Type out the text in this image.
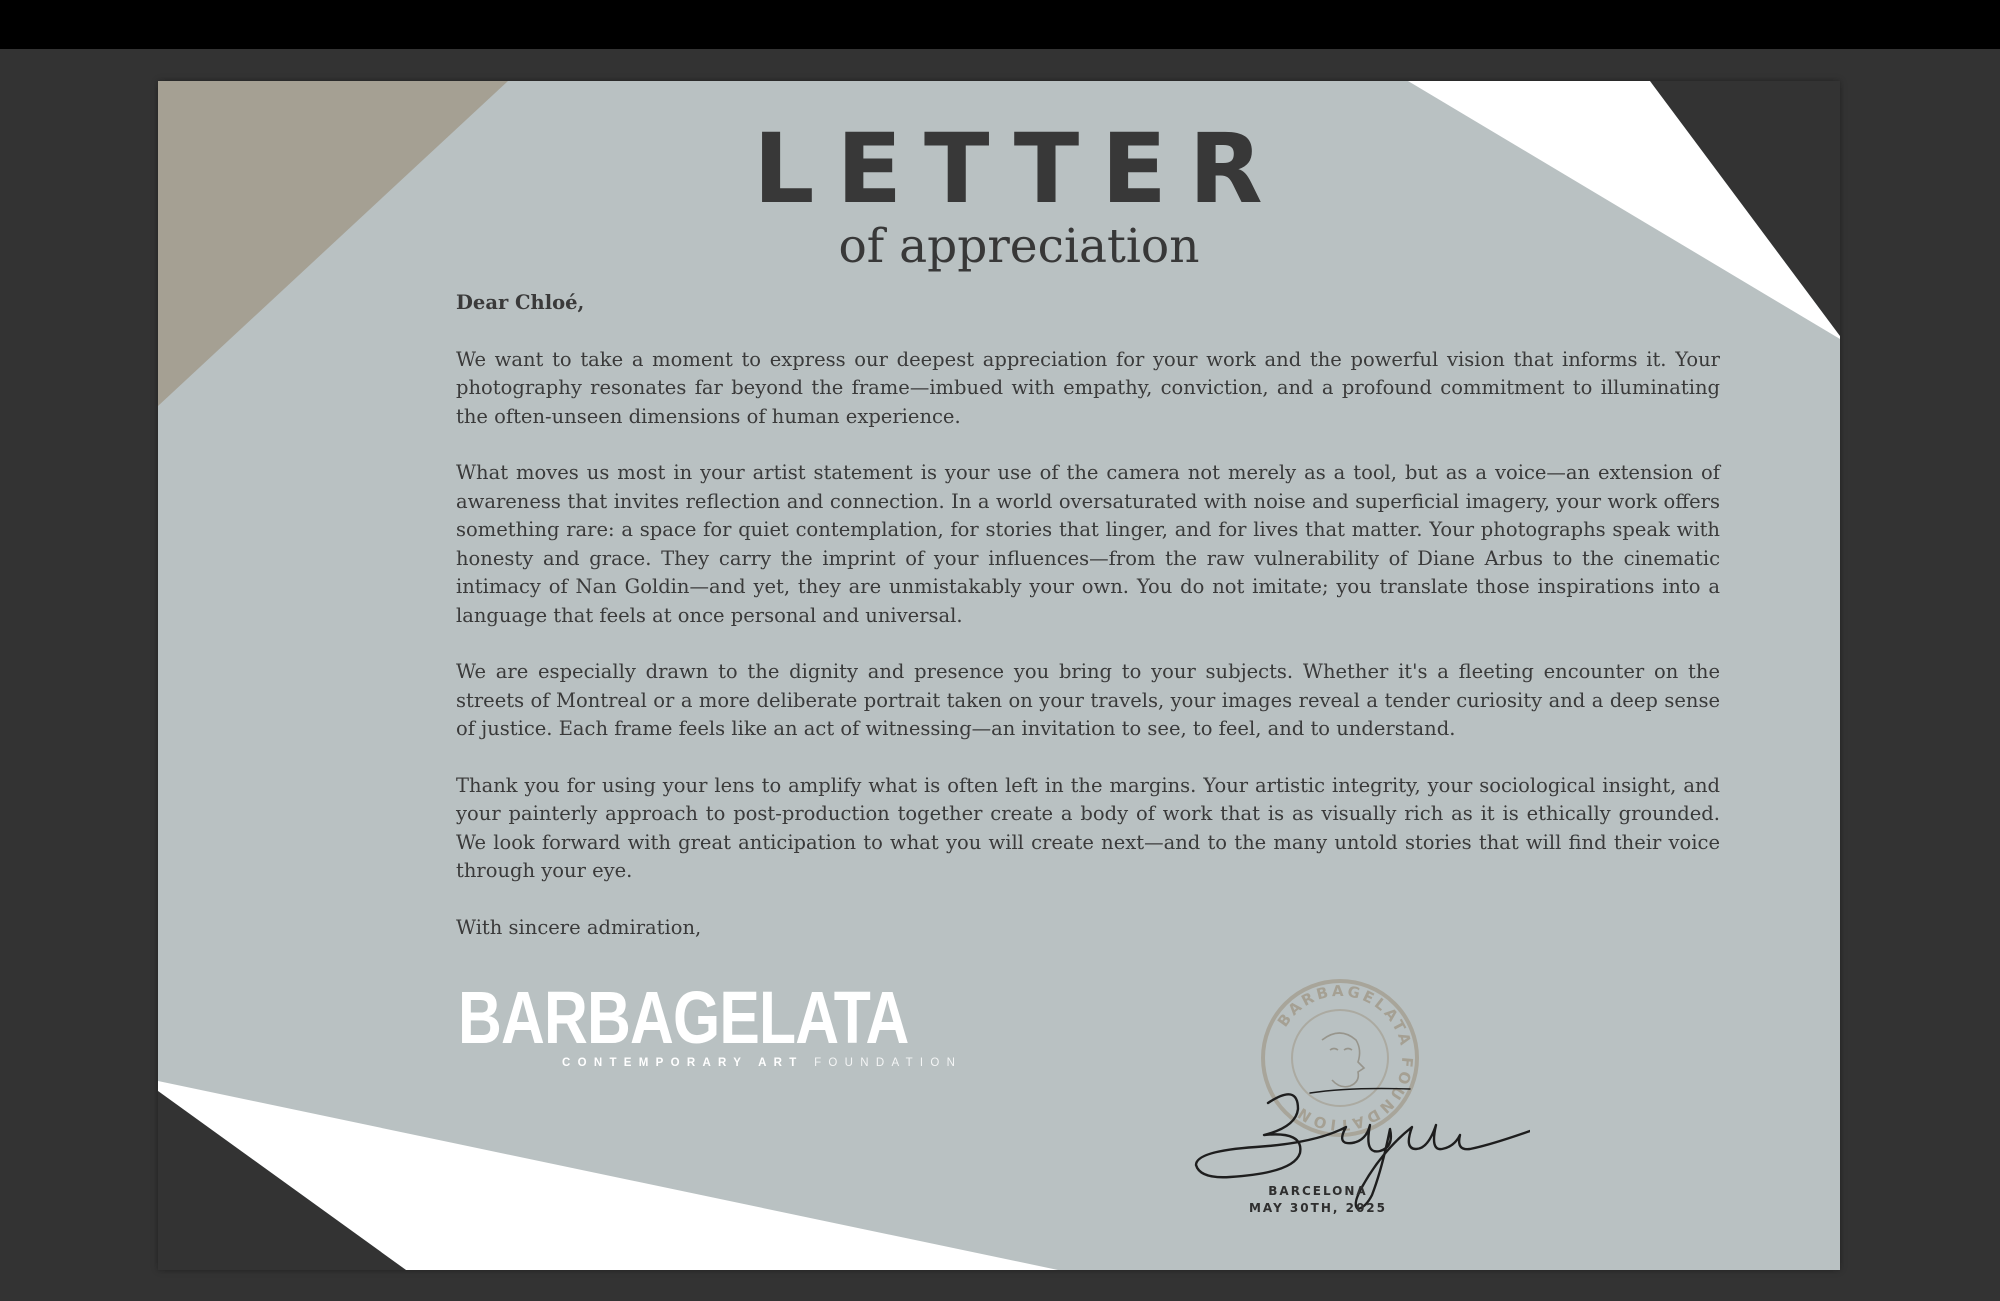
LETTER
of appreciation

Dear Chloé,

We want to take a moment to express our deepest appreciation for your work and the powerful vision that informs it. Your photography resonates far beyond the frame—imbued with empathy, conviction, and a profound commitment to illuminating the often-unseen dimensions of human experience.

What moves us most in your artist statement is your use of the camera not merely as a tool, but as a voice—an extension of awareness that invites reflection and connection. In a world oversaturated with noise and superficial imagery, your work offers something rare: a space for quiet contemplation, for stories that linger, and for lives that matter. Your photographs speak with honesty and grace. They carry the imprint of your influences—from the raw vulnerability of Diane Arbus to the cinematic intimacy of Nan Goldin—and yet, they are unmistakably your own. You do not imitate; you translate those inspirations into a language that feels at once personal and universal.

We are especially drawn to the dignity and presence you bring to your subjects. Whether it's a fleeting encounter on the streets of Montreal or a more deliberate portrait taken on your travels, your images reveal a tender curiosity and a deep sense of justice. Each frame feels like an act of witnessing—an invitation to see, to feel, and to understand.

Thank you for using your lens to amplify what is often left in the margins. Your artistic integrity, your sociological insight, and your painterly approach to post-production together create a body of work that is as visually rich as it is ethically grounded. We look forward with great anticipation to what you will create next—and to the many untold stories that will find their voice through your eye.

With sincere admiration,

BARBAGELATA
CONTEMPORARY ART FOUNDATION
BARBAGELATA FOUNDATION
BARCELONA
MAY 30TH, 2025
